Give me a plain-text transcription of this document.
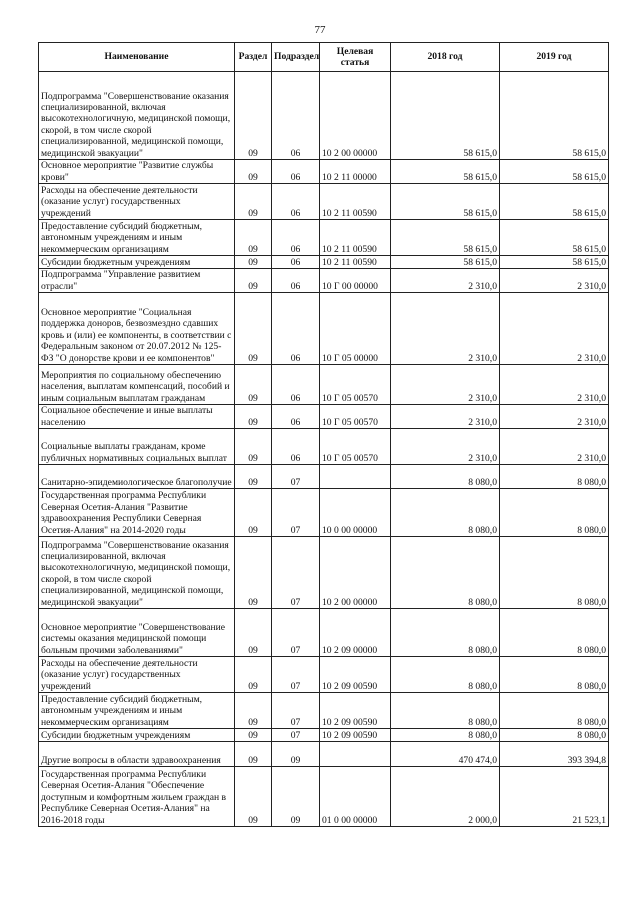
77
Наименование	Раздел	Подраздел	Целевая статья	2018 год	2019 год
Подпрограмма "Совершенствование оказания специализированной, включая высокотехнологичную, медицинской помощи, скорой, в том числе скорой специализированной, медицинской помощи, медицинской эвакуации"	09	06	10 2 00 00000	58 615,0	58 615,0
Основное мероприятие "Развитие службы крови"	09	06	10 2 11 00000	58 615,0	58 615,0
Расходы на обеспечение деятельности (оказание услуг) государственных учреждений	09	06	10 2 11 00590	58 615,0	58 615,0
Предоставление субсидий бюджетным, автономным учреждениям и иным некоммерческим организациям	09	06	10 2 11 00590	58 615,0	58 615,0
Субсидии бюджетным учреждениям	09	06	10 2 11 00590	58 615,0	58 615,0
Подпрограмма "Управление развитием отрасли"	09	06	10 Г 00 00000	2 310,0	2 310,0
Основное мероприятие "Социальная поддержка доноров, безвозмездно сдавших кровь и (или) ее компоненты, в соответствии с Федеральным законом от 20.07.2012 № 125-ФЗ "О донорстве крови и ее компонентов"	09	06	10 Г 05 00000	2 310,0	2 310,0
Мероприятия по социальному обеспечению населения, выплатам компенсаций, пособий и иным социальным выплатам гражданам	09	06	10 Г 05 00570	2 310,0	2 310,0
Социальное обеспечение и иные выплаты населению	09	06	10 Г 05 00570	2 310,0	2 310,0
Социальные выплаты гражданам, кроме публичных нормативных социальных выплат	09	06	10 Г 05 00570	2 310,0	2 310,0
Санитарно-эпидемиологическое благополучие	09	07		8 080,0	8 080,0
Государственная программа Республики Северная Осетия-Алания "Развитие здравоохранения Республики Северная Осетия-Алания" на 2014-2020 годы	09	07	10 0 00 00000	8 080,0	8 080,0
Подпрограмма "Совершенствование оказания специализированной, включая высокотехнологичную, медицинской помощи, скорой, в том числе скорой специализированной, медицинской помощи, медицинской эвакуации"	09	07	10 2 00 00000	8 080,0	8 080,0
Основное мероприятие "Совершенствование системы оказания медицинской помощи больным прочими заболеваниями"	09	07	10 2 09 00000	8 080,0	8 080,0
Расходы на обеспечение деятельности (оказание услуг) государственных учреждений	09	07	10 2 09 00590	8 080,0	8 080,0
Предоставление субсидий бюджетным, автономным учреждениям и иным некоммерческим организациям	09	07	10 2 09 00590	8 080,0	8 080,0
Субсидии бюджетным учреждениям	09	07	10 2 09 00590	8 080,0	8 080,0
Другие вопросы в области здравоохранения	09	09		470 474,0	393 394,8
Государственная программа Республики Северная Осетия-Алания "Обеспечение доступным и комфортным жильем граждан в Республике Северная Осетия-Алания" на 2016-2018 годы	09	09	01 0 00 00000	2 000,0	21 523,1
